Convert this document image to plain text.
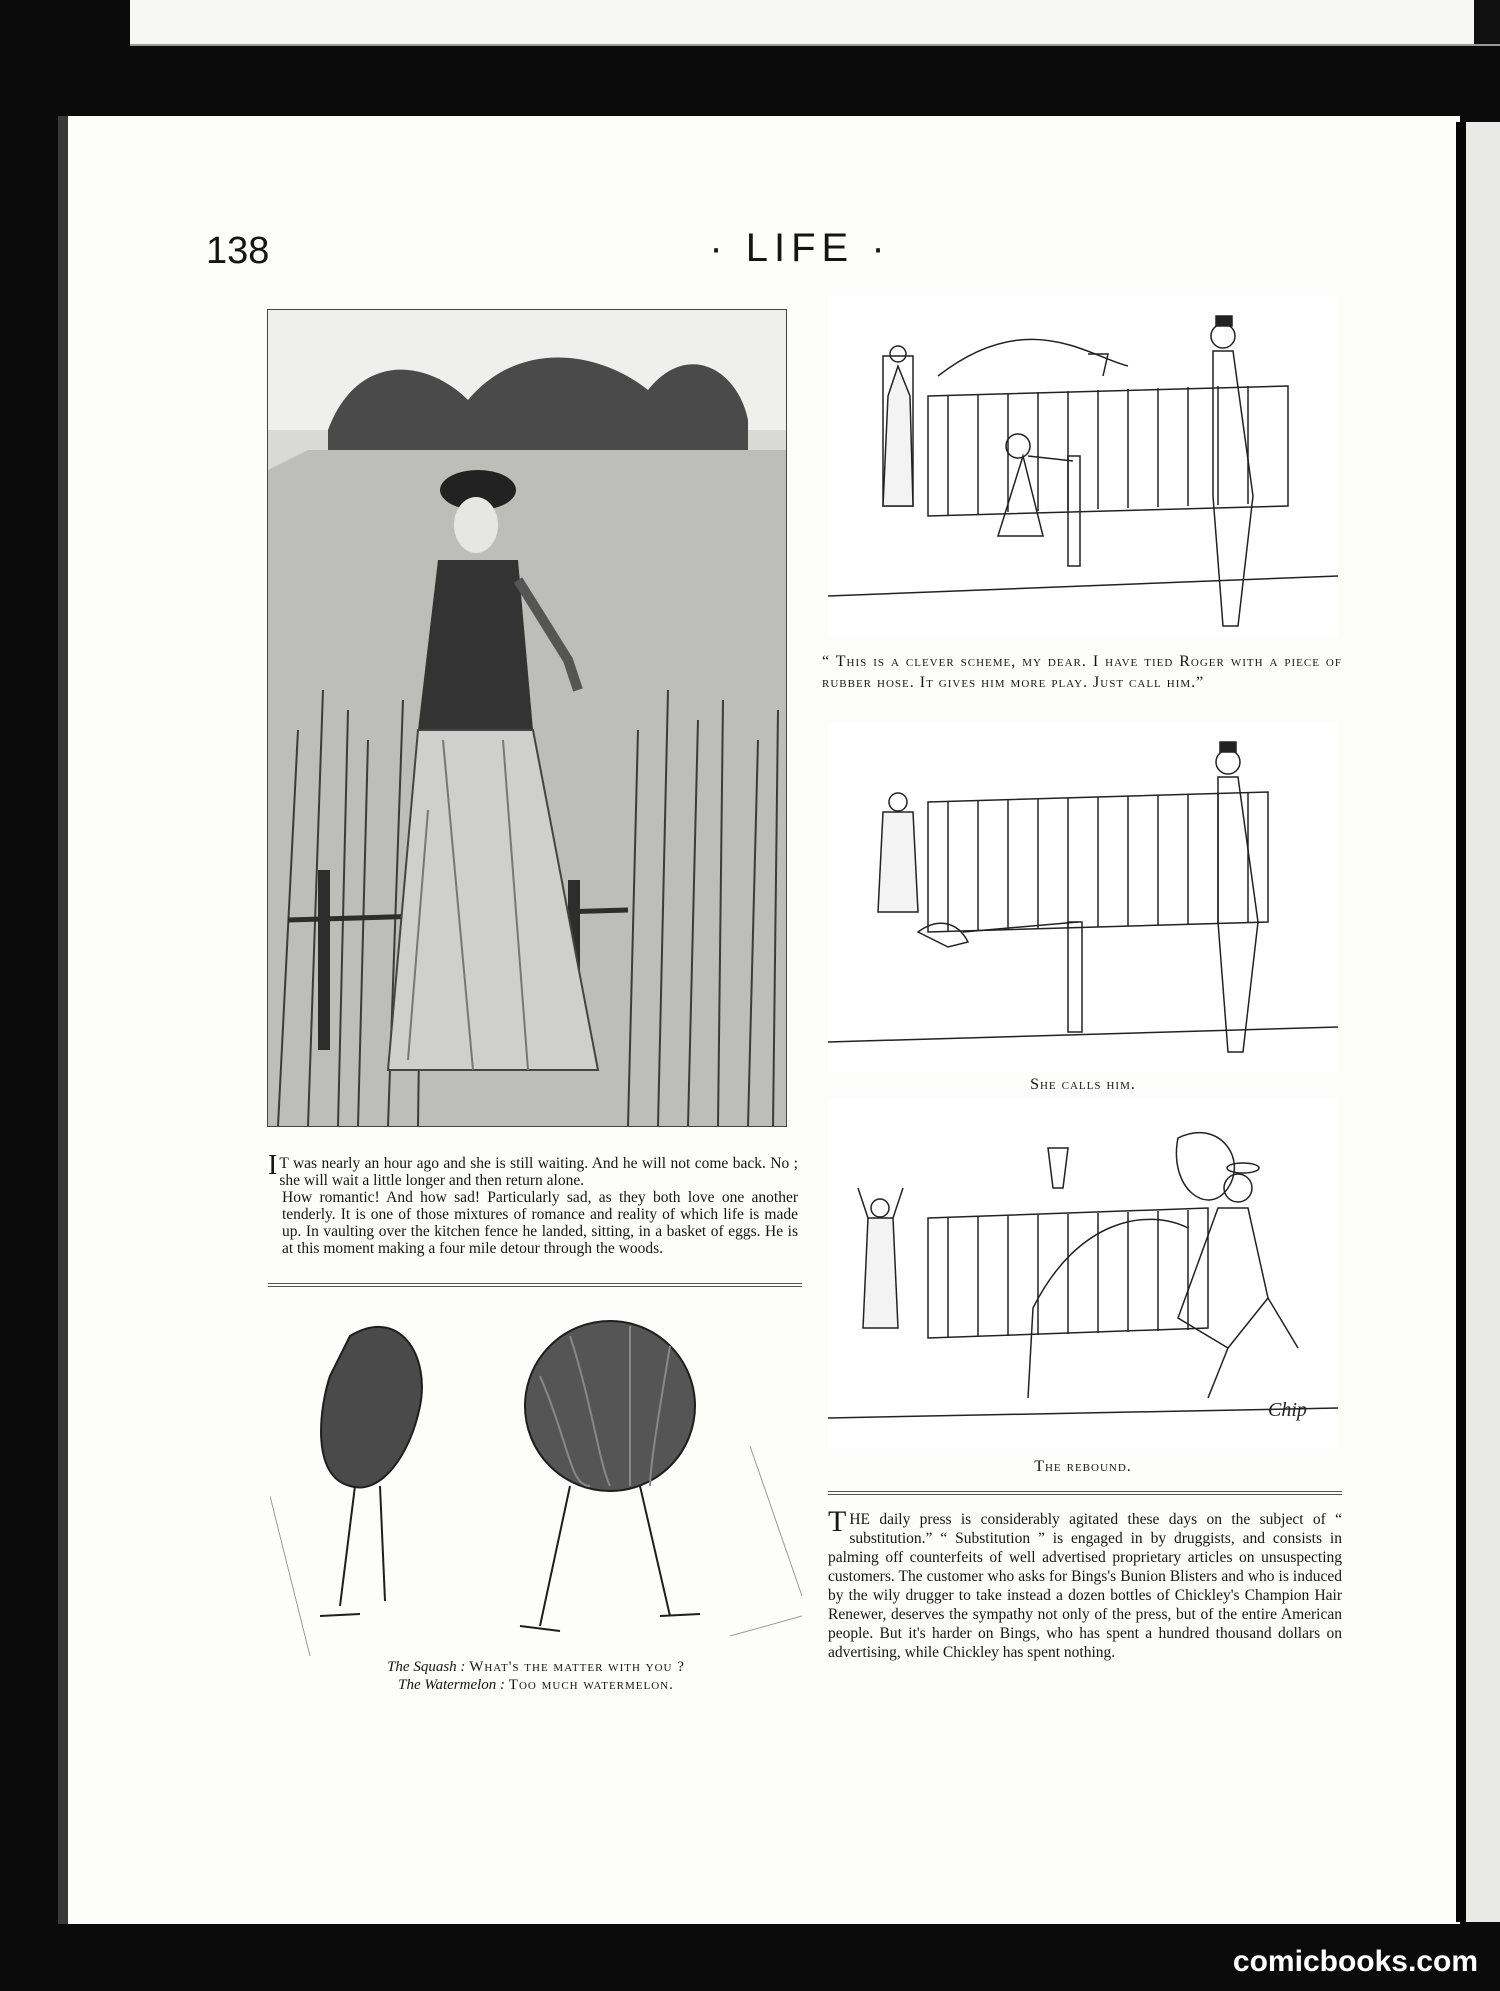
138	· LIFE ·
“ This is a clever scheme, my dear. I have tied Roger with a piece of rubber hose. It gives him more play. Just call him.”
She calls him.
Chip
The rebound.

I T was nearly an hour ago and she is still waiting. And he will not come back. No ; she will wait a little longer and then return alone.

How romantic! And how sad! Particularly sad, as they both love one another tenderly. It is one of those mixtures of romance and reality of which life is made up. In vaulting over the kitchen fence he landed, sitting, in a basket of eggs. He is at this moment making a four mile detour through the woods.

The Squash : What's the matter with you ?
The Watermelon : Too much watermelon.
THE daily press is considerably agitated these days on the subject of “ substitution.” “ Substitution ” is engaged in by druggists, and consists in palming off counterfeits of well advertised proprietary articles on unsuspecting customers. The customer who asks for Bings's Bunion Blisters and who is induced by the wily drugger to take instead a dozen bottles of Chickley's Champion Hair Renewer, deserves the sympathy not only of the press, but of the entire American people. But it's harder on Bings, who has spent a hundred thousand dollars on advertising, while Chickley has spent nothing.
comicbooks.com
